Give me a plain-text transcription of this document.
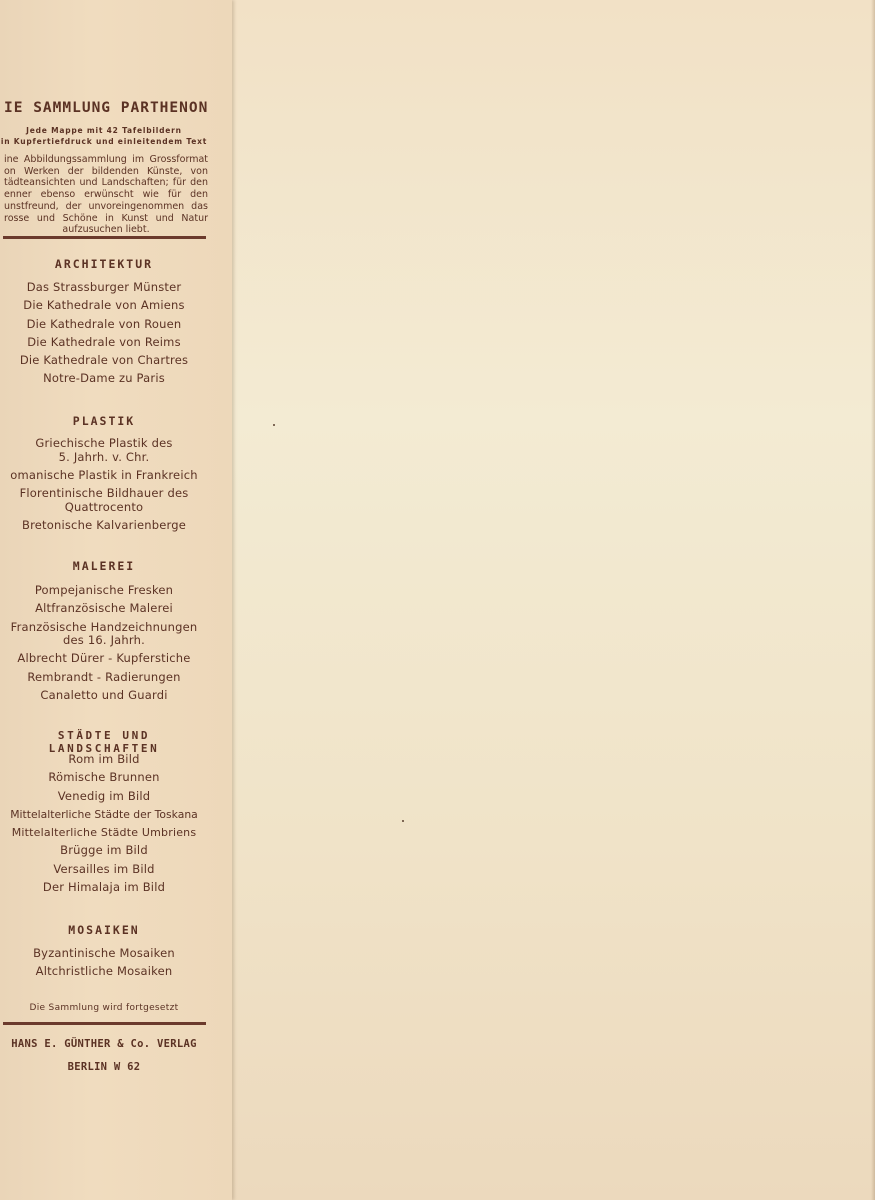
IE SAMMLUNG PARTHENON
Jede Mappe mit 42 Tafelbildern
in Kupfertiefdruck und einleitendem Text
ine Abbildungssammlung im Grossformat on Werken der bildenden Künste, von tädteansichten und Landschaften; für den enner ebenso erwünscht wie für den unstfreund, der unvoreingenommen das rosse und Schöne in Kunst und Natur aufzusuchen liebt.
ARCHITEKTUR
Das Strassburger Münster
Die Kathedrale von Amiens
Die Kathedrale von Rouen
Die Kathedrale von Reims
Die Kathedrale von Chartres
Notre-Dame zu Paris
PLASTIK
Griechische Plastik des 5. Jahrh. v. Chr.
omanische Plastik in Frankreich
Florentinische Bildhauer des Quattrocento
Bretonische Kalvarienberge
MALEREI
Pompejanische Fresken
Altfranzösische Malerei
Französische Handzeichnungen des 16. Jahrh.
Albrecht Dürer - Kupferstiche
Rembrandt - Radierungen
Canaletto und Guardi
STÄDTE UND LANDSCHAFTEN
Rom im Bild
Römische Brunnen
Venedig im Bild
Mittelalterliche Städte der Toskana
Mittelalterliche Städte Umbriens
Brügge im Bild
Versailles im Bild
Der Himalaja im Bild
MOSAIKEN
Byzantinische Mosaiken
Altchristliche Mosaiken
Die Sammlung wird fortgesetzt
HANS E. GÜNTHER & Co. VERLAG
BERLIN W 62
